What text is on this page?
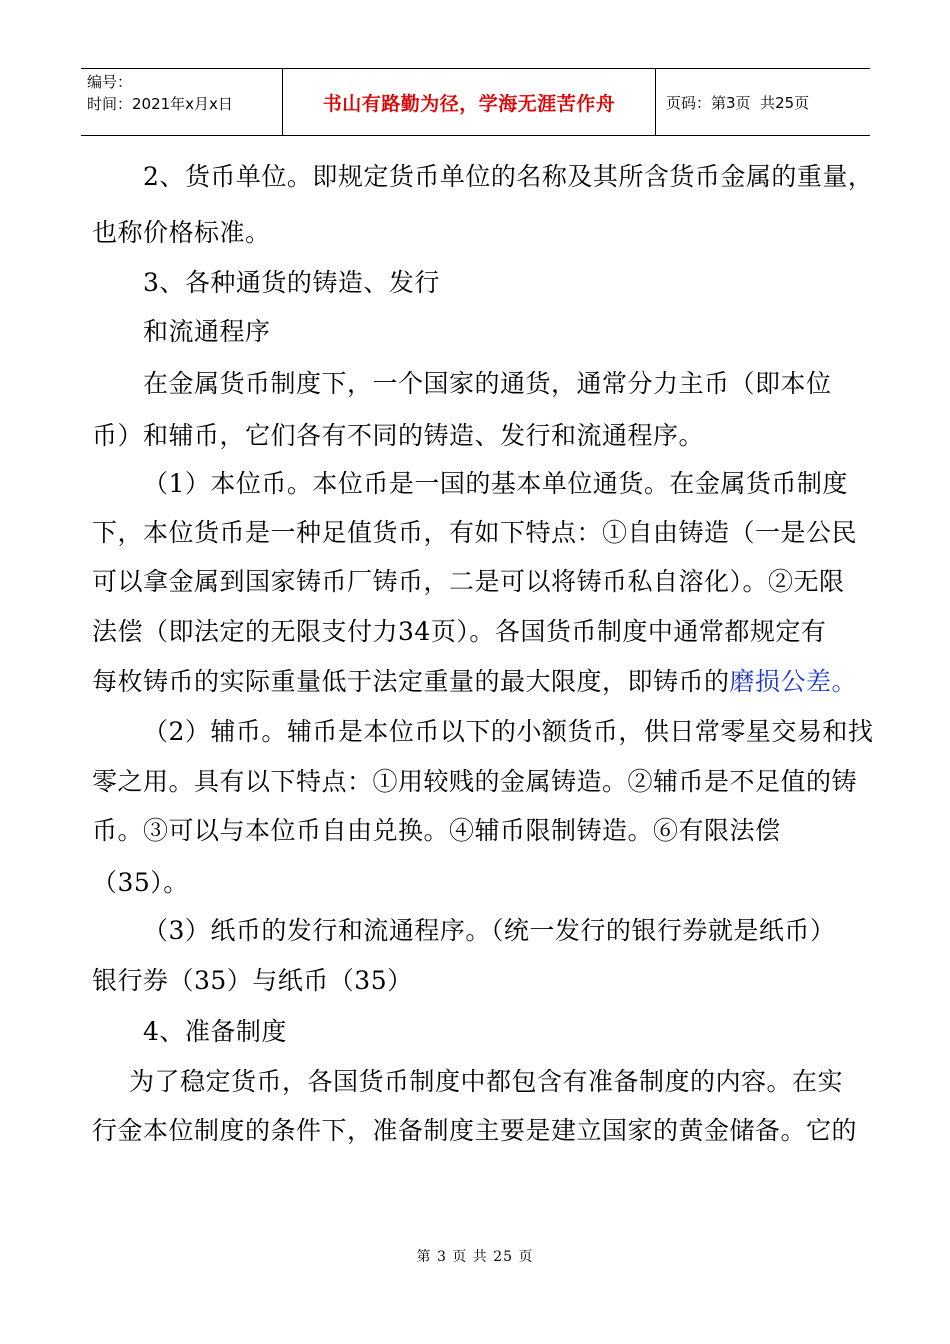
编号：
时间：2021年x月x日	书山有路勤为径，学海无涯苦作舟	页码：第3页  共25页
2、货币单位。即规定货币单位的名称及其所含货币金属的重量，
也称价格标准。
3、各种通货的铸造、发行
和流通程序
在金属货币制度下，一个国家的通货，通常分力主币（即本位
币）和辅币，它们各有不同的铸造、发行和流通程序。
（1）本位币。本位币是一国的基本单位通货。在金属货币制度
下，本位货币是一种足值货币，有如下特点：①自由铸造（一是公民
可以拿金属到国家铸币厂铸币，二是可以将铸币私自溶化）。②无限
法偿（即法定的无限支付力34页）。各国货币制度中通常都规定有
每枚铸币的实际重量低于法定重量的最大限度，即铸币的磨损公差。
（2）辅币。辅币是本位币以下的小额货币，供日常零星交易和找
零之用。具有以下特点：①用较贱的金属铸造。②辅币是不足值的铸
币。③可以与本位币自由兑换。④辅币限制铸造。⑥有限法偿
（35）。
（3）纸币的发行和流通程序。（统一发行的银行券就是纸币）
银行券（35）与纸币（35）
4、准备制度
为了稳定货币，各国货币制度中都包含有准备制度的内容。在实
行金本位制度的条件下，准备制度主要是建立国家的黄金储备。它的
第 3 页 共 25 页
